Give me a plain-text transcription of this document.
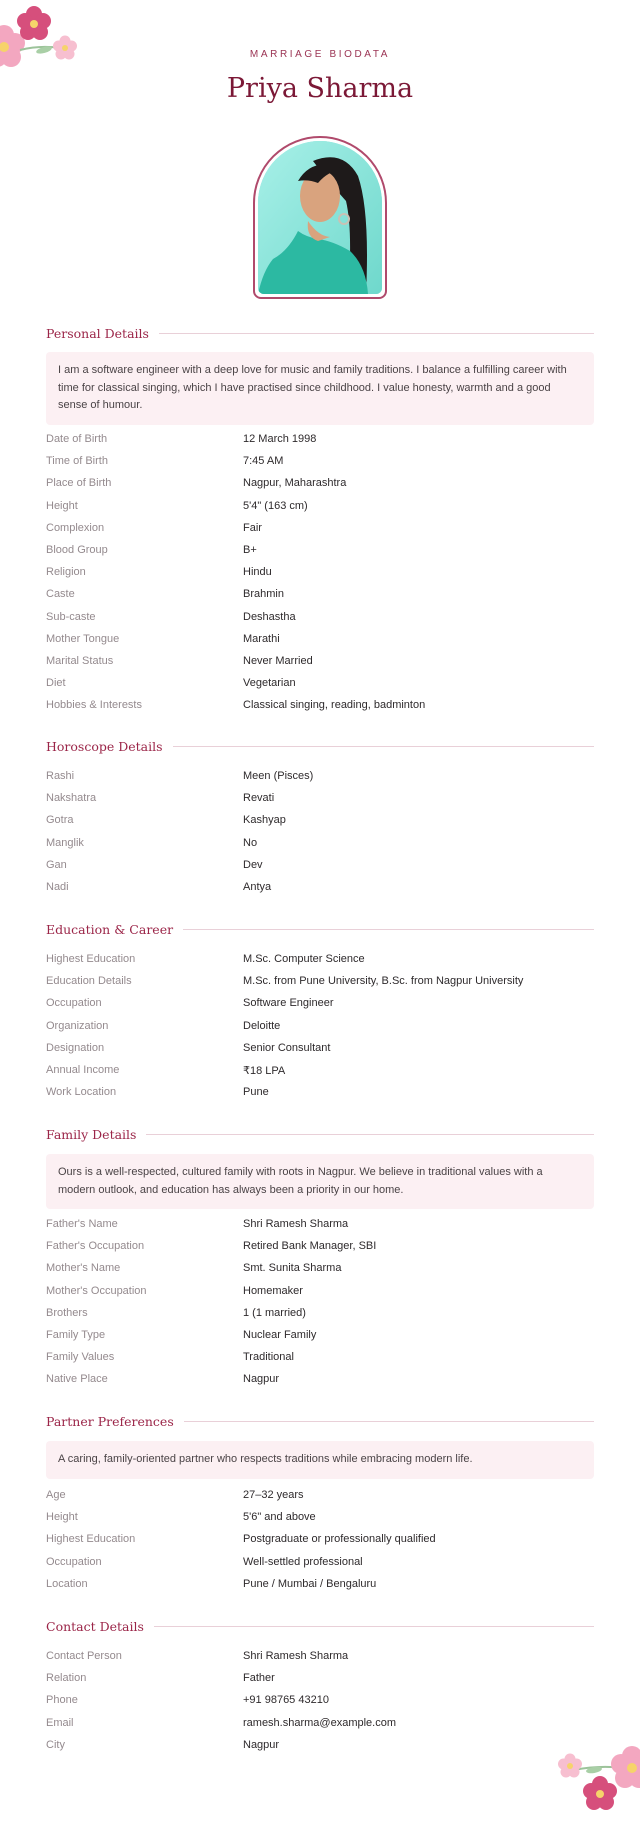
MARRIAGE BIODATA
Priya Sharma
Personal Details
I am a software engineer with a deep love for music and family traditions. I balance a fulfilling career with time for classical singing, which I have practised since childhood. I value honesty, warmth and a good sense of humour.
Date of Birth	12 March 1998
Time of Birth	7:45 AM
Place of Birth	Nagpur, Maharashtra
Height	5'4" (163 cm)
Complexion	Fair
Blood Group	B+
Religion	Hindu
Caste	Brahmin
Sub-caste	Deshastha
Mother Tongue	Marathi
Marital Status	Never Married
Diet	Vegetarian
Hobbies & Interests	Classical singing, reading, badminton
Horoscope Details
Rashi	Meen (Pisces)
Nakshatra	Revati
Gotra	Kashyap
Manglik	No
Gan	Dev
Nadi	Antya
Education & Career
Highest Education	M.Sc. Computer Science
Education Details	M.Sc. from Pune University, B.Sc. from Nagpur University
Occupation	Software Engineer
Organization	Deloitte
Designation	Senior Consultant
Annual Income	₹18 LPA
Work Location	Pune
Family Details
Ours is a well-respected, cultured family with roots in Nagpur. We believe in traditional values with a modern outlook, and education has always been a priority in our home.
Father's Name	Shri Ramesh Sharma
Father's Occupation	Retired Bank Manager, SBI
Mother's Name	Smt. Sunita Sharma
Mother's Occupation	Homemaker
Brothers	1 (1 married)
Family Type	Nuclear Family
Family Values	Traditional
Native Place	Nagpur
Partner Preferences
A caring, family-oriented partner who respects traditions while embracing modern life.
Age	27–32 years
Height	5'6" and above
Highest Education	Postgraduate or professionally qualified
Occupation	Well-settled professional
Location	Pune / Mumbai / Bengaluru
Contact Details
Contact Person	Shri Ramesh Sharma
Relation	Father
Phone	+91 98765 43210
Email	ramesh.sharma@example.com
City	Nagpur
